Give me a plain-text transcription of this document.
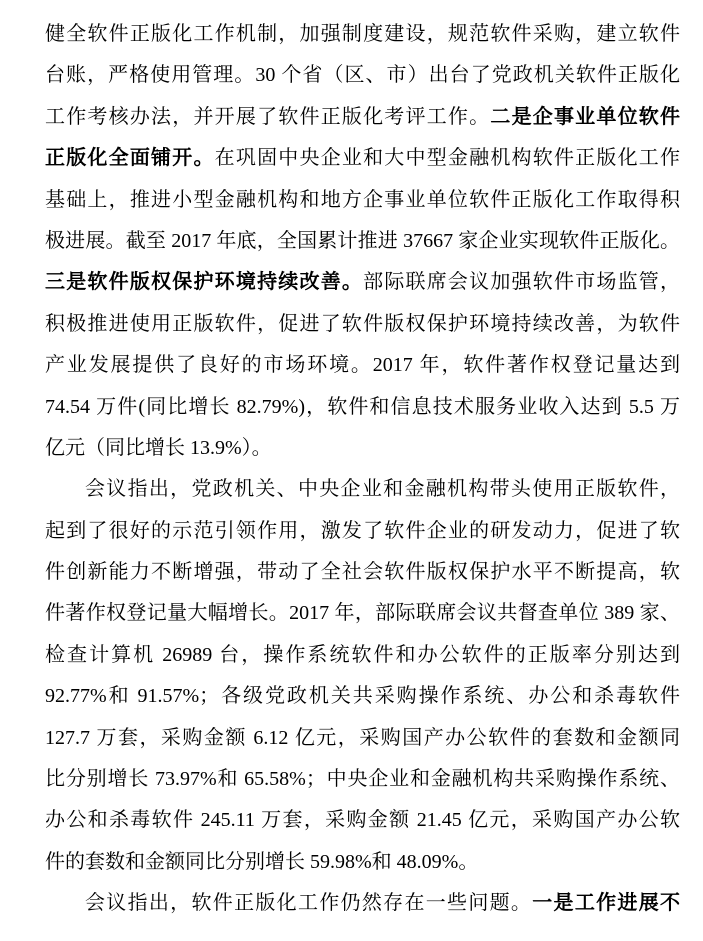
健全软件正版化工作机制，加强制度建设，规范软件采购，建立软件
台账，严格使用管理。30 个省（区、市）出台了党政机关软件正版化
工作考核办法，并开展了软件正版化考评工作。二是企事业单位软件
正版化全面铺开。在巩固中央企业和大中型金融机构软件正版化工作
基础上，推进小型金融机构和地方企事业单位软件正版化工作取得积
极进展。截至 2017 年底，全国累计推进 37667 家企业实现软件正版化。
三是软件版权保护环境持续改善。部际联席会议加强软件市场监管，
积极推进使用正版软件，促进了软件版权保护环境持续改善，为软件
产业发展提供了良好的市场环境。2017 年，软件著作权登记量达到
74.54 万件(同比增长 82.79%)，软件和信息技术服务业收入达到 5.5 万
亿元（同比增长 13.9%）。
会议指出，党政机关、中央企业和金融机构带头使用正版软件，
起到了很好的示范引领作用，激发了软件企业的研发动力，促进了软
件创新能力不断增强，带动了全社会软件版权保护水平不断提高，软
件著作权登记量大幅增长。2017 年，部际联席会议共督查单位 389 家、
检查计算机 26989 台，操作系统软件和办公软件的正版率分别达到
92.77%和 91.57%；各级党政机关共采购操作系统、办公和杀毒软件
127.7 万套，采购金额 6.12 亿元，采购国产办公软件的套数和金额同
比分别增长 73.97%和 65.58%；中央企业和金融机构共采购操作系统、
办公和杀毒软件 245.11 万套，采购金额 21.45 亿元，采购国产办公软
件的套数和金额同比分别增长 59.98%和 48.09%。
会议指出，软件正版化工作仍然存在一些问题。一是工作进展不
